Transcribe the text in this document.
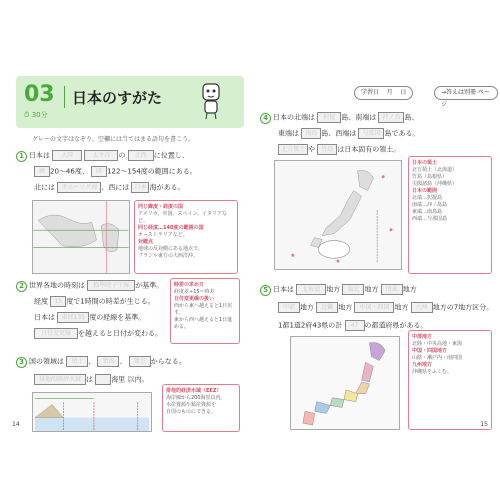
03 日本のすがた
⏱ 30分
グレーの文字はなぞり、空欄には当てはまる語句を書こう。
1 日本は 大陸	太平洋 の 北西 に位置し、
緯 20～46度、 経 122～154度の範囲にある。
北には オホーツク海 、西には 日本 海がある。
同じ緯度・経度の国
アメリカ、中国、スペイン、イタリアなど。
同じ経度…140度の範囲の国
オーストラリアなど。
対蹠点
地球の反対側にある地点で、
ブラジル東方の大西洋沖。
2 世界各地の時刻は 標準時子午線 が基準。
経度 15 度で1時間の時差が生じる。
日本は 東経135 度の経線を基準。
日付変更線 を越えると日付が変わる。
時差の求め方
経度差÷15＝時差
日付変更線の扱い
西から東へ越えると1日戻す。
東から西へ越えると1日進める。
3 国の領域は 領土 、 領海 、 領空 からなる。
排他的経済水域 は	海里 以内。
排他的経済水域（EEZ）
海岸線から200海里以内。
水産資源や鉱産資源を
自国のものにできる。
14
学習日 月 日	→答えは別冊 ページ
4 日本の北端は 択捉 島、南端は 沖ノ鳥 島、
東端は 南鳥 島、西端は 与那国 島である。
北方領土 や 竹島 は日本固有の領土。
日本の領土
北方領土（北海道）
竹島（島根県）
尖閣諸島（沖縄県）
日本の範囲
北端…択捉島
南端…沖ノ鳥島
東端…南鳥島
西端…与那国島
5 日本は 北海道 地方 東北 地方 関東 地方
中部 地方 近畿 地方 中国・四国 地方 九州 地方の7地方区分。
1都1道2府43県の計 47 の都道府県がある。
中部地方
北陸・中央高地・東海
中国・四国地方
山陰・瀬戸内・南四国
九州地方
沖縄県をふくむ。
15
